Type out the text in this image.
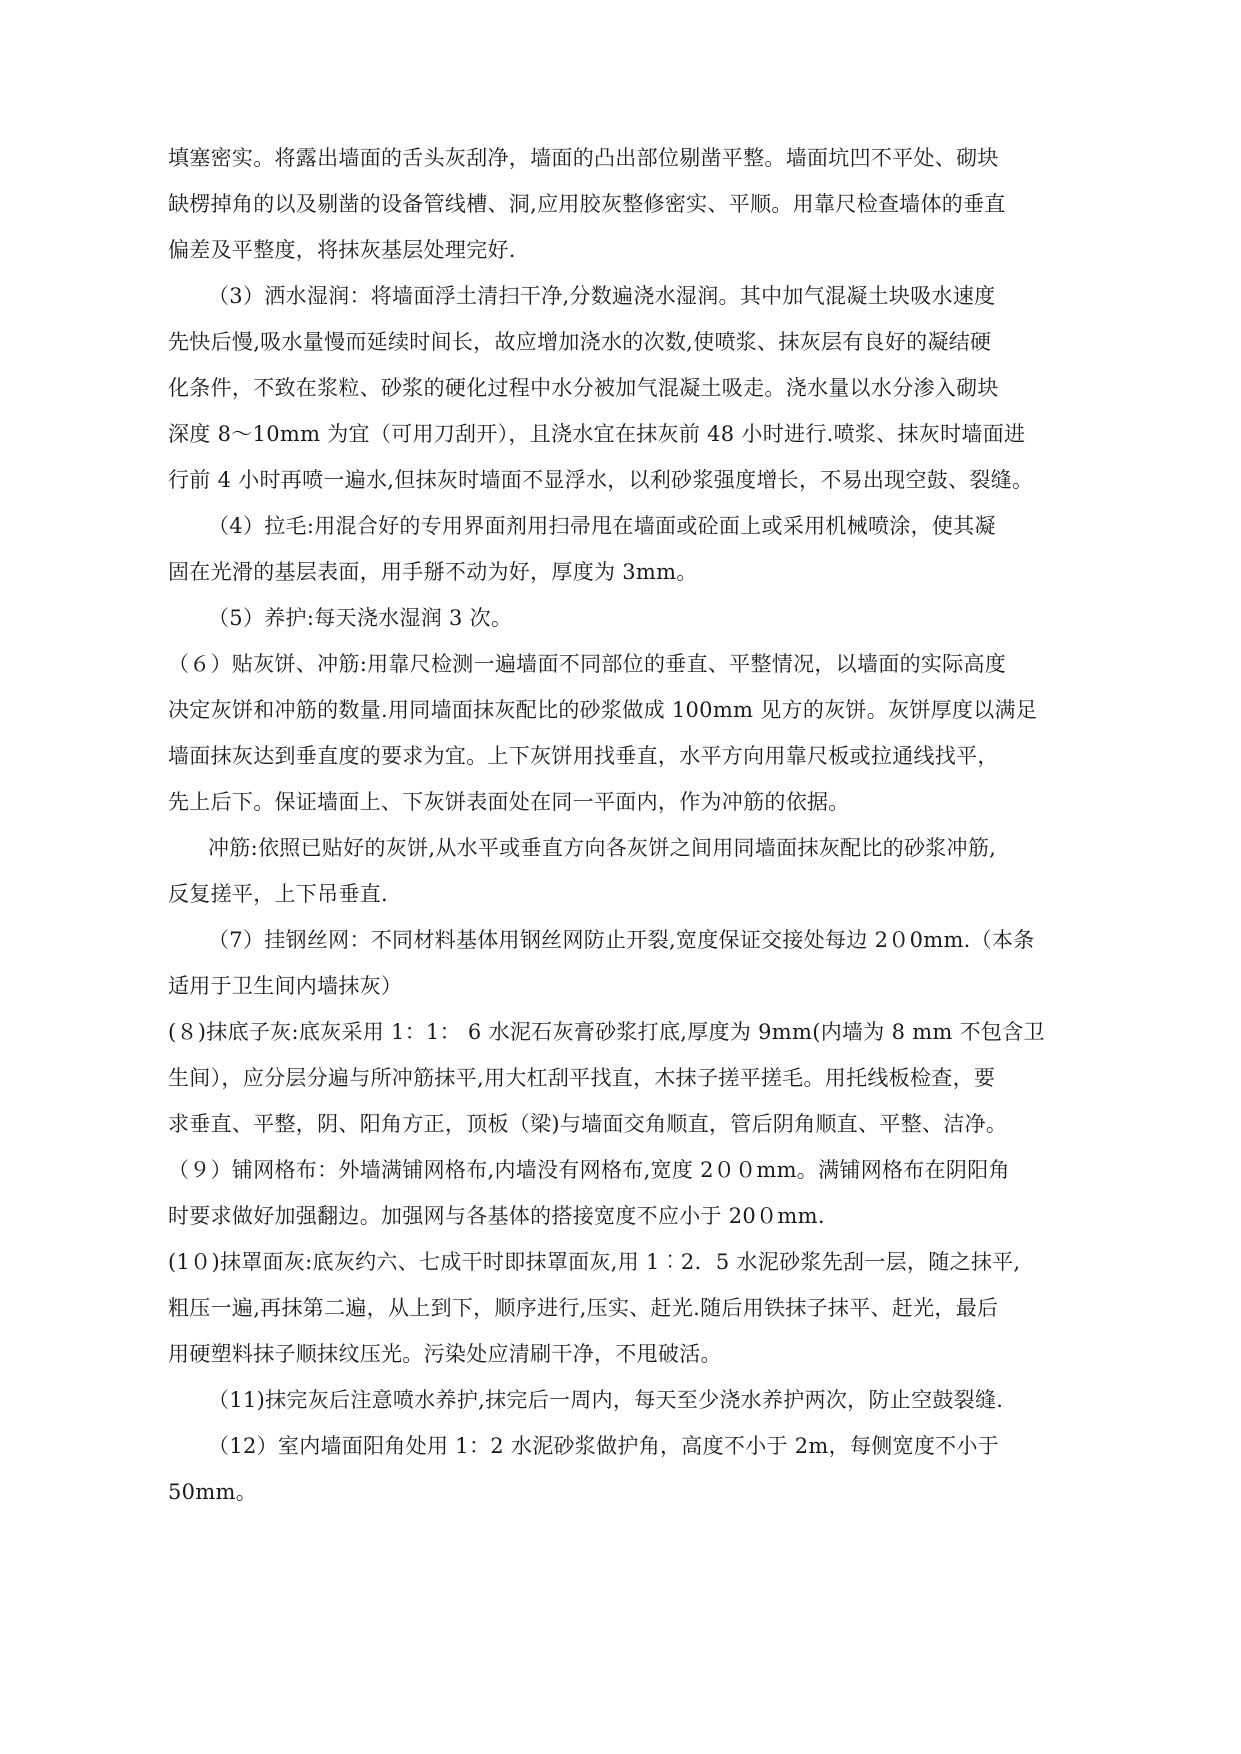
填塞密实。将露出墙面的舌头灰刮净，墙面的凸出部位剔凿平整。墙面坑凹不平处、砌块
缺楞掉角的以及剔凿的设备管线槽、洞,应用胶灰整修密实、平顺。用靠尺检查墙体的垂直
偏差及平整度，将抹灰基层处理完好.
（3）洒水湿润：将墙面浮土清扫干净,分数遍浇水湿润。其中加气混凝土块吸水速度
先快后慢,吸水量慢而延续时间长，故应增加浇水的次数,使喷浆、抹灰层有良好的凝结硬
化条件，不致在浆粒、砂浆的硬化过程中水分被加气混凝土吸走。浇水量以水分渗入砌块
深度 8～10mm 为宜（可用刀刮开），且浇水宜在抹灰前 48 小时进行.喷浆、抹灰时墙面进
行前 4 小时再喷一遍水,但抹灰时墙面不显浮水，以利砂浆强度增长，不易出现空鼓、裂缝。
（4）拉毛:用混合好的专用界面剂用扫帚甩在墙面或砼面上或采用机械喷涂，使其凝
固在光滑的基层表面，用手掰不动为好，厚度为 3mm。
（5）养护:每天浇水湿润 3 次。
（６）贴灰饼、冲筋:用靠尺检测一遍墙面不同部位的垂直、平整情况，以墙面的实际高度
决定灰饼和冲筋的数量.用同墙面抹灰配比的砂浆做成 100mm 见方的灰饼。灰饼厚度以满足
墙面抹灰达到垂直度的要求为宜。上下灰饼用找垂直，水平方向用靠尺板或拉通线找平，
先上后下。保证墙面上、下灰饼表面处在同一平面内，作为冲筋的依据。
冲筋:依照已贴好的灰饼,从水平或垂直方向各灰饼之间用同墙面抹灰配比的砂浆冲筋,
反复搓平，上下吊垂直.
（7）挂钢丝网：不同材料基体用钢丝网防止开裂,宽度保证交接处每边 2０0mm.（本条
适用于卫生间内墙抹灰）
(８)抹底子灰:底灰采用 1：1： 6 水泥石灰膏砂浆打底,厚度为 9mm(内墙为 8 mm 不包含卫
生间），应分层分遍与所冲筋抹平,用大杠刮平找直，木抹子搓平搓毛。用托线板检查，要
求垂直、平整，阴、阳角方正，顶板（梁)与墙面交角顺直，管后阴角顺直、平整、洁净。
（９）铺网格布：外墙满铺网格布,内墙没有网格布,宽度 2００mm。满铺网格布在阴阳角
时要求做好加强翻边。加强网与各基体的搭接宽度不应小于 20０mm.
(1０)抹罩面灰:底灰约六、七成干时即抹罩面灰,用 1︰2．5 水泥砂浆先刮一层，随之抹平,
粗压一遍,再抹第二遍，从上到下，顺序进行,压实、赶光.随后用铁抹子抹平、赶光，最后
用硬塑料抹子顺抹纹压光。污染处应清刷干净，不甩破活。
（11)抹完灰后注意喷水养护,抹完后一周内，每天至少浇水养护两次，防止空鼓裂缝.
（12）室内墙面阳角处用 1：2 水泥砂浆做护角，高度不小于 2m，每侧宽度不小于
50mm。
